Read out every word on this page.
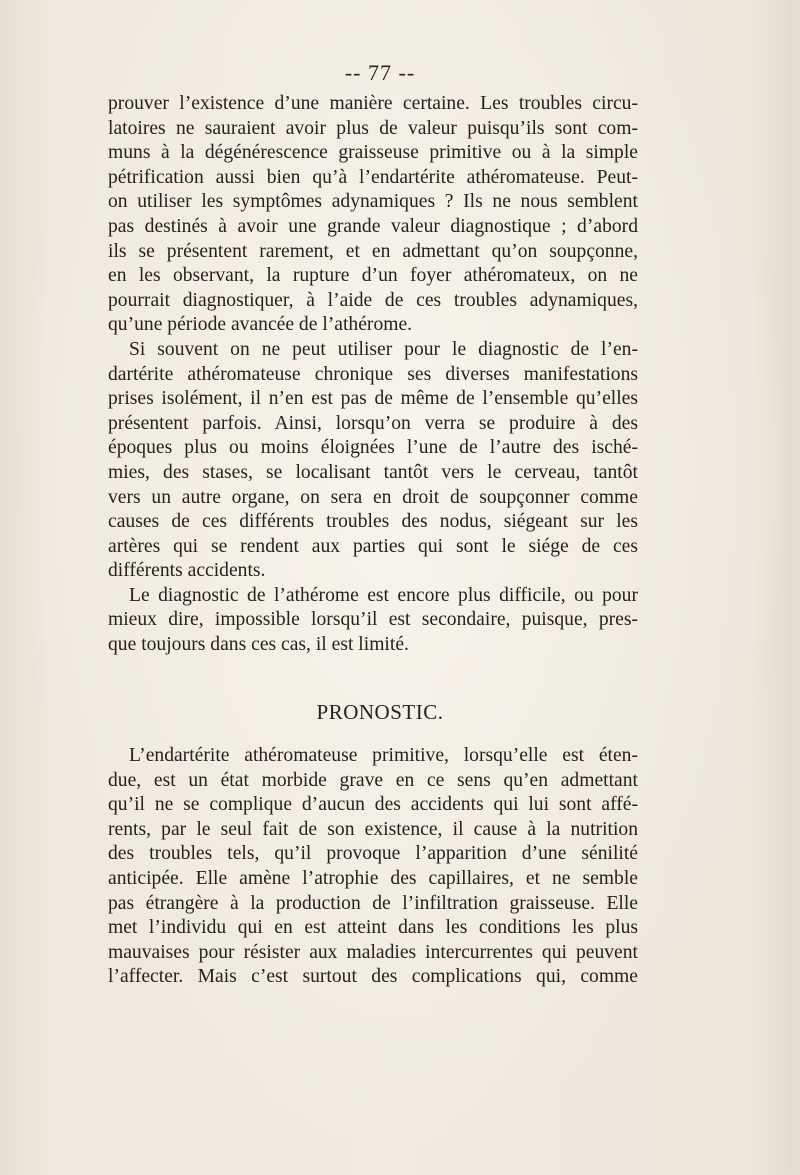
-- 77 --
prouver l’existence d’une manière certaine. Les troubles circu-
latoires ne sauraient avoir plus de valeur puisqu’ils sont com-
muns à la dégénérescence graisseuse primitive ou à la simple
pétrification aussi bien qu’à l’endartérite athéromateuse. Peut-
on utiliser les symptômes adynamiques ? Ils ne nous semblent
pas destinés à avoir une grande valeur diagnostique ; d’abord
ils se présentent rarement, et en admettant qu’on soupçonne,
en les observant, la rupture d’un foyer athéromateux, on ne
pourrait diagnostiquer, à l’aide de ces troubles adynamiques,
qu’une période avancée de l’athérome.
Si souvent on ne peut utiliser pour le diagnostic de l’en-
dartérite athéromateuse chronique ses diverses manifestations
prises isolément, il n’en est pas de même de l’ensemble qu’elles
présentent parfois. Ainsi, lorsqu’on verra se produire à des
époques plus ou moins éloignées l’une de l’autre des isché-
mies, des stases, se localisant tantôt vers le cerveau, tantôt
vers un autre organe, on sera en droit de soupçonner comme
causes de ces différents troubles des nodus, siégeant sur les
artères qui se rendent aux parties qui sont le siége de ces
différents accidents.
Le diagnostic de l’athérome est encore plus difficile, ou pour
mieux dire, impossible lorsqu’il est secondaire, puisque, pres-
que toujours dans ces cas, il est limité.
PRONOSTIC.
L’endartérite athéromateuse primitive, lorsqu’elle est éten-
due, est un état morbide grave en ce sens qu’en admettant
qu’il ne se complique d’aucun des accidents qui lui sont affé-
rents, par le seul fait de son existence, il cause à la nutrition
des troubles tels, qu’il provoque l’apparition d’une sénilité
anticipée. Elle amène l’atrophie des capillaires, et ne semble
pas étrangère à la production de l’infiltration graisseuse. Elle
met l’individu qui en est atteint dans les conditions les plus
mauvaises pour résister aux maladies intercurrentes qui peuvent
l’affecter. Mais c’est surtout des complications qui, comme
